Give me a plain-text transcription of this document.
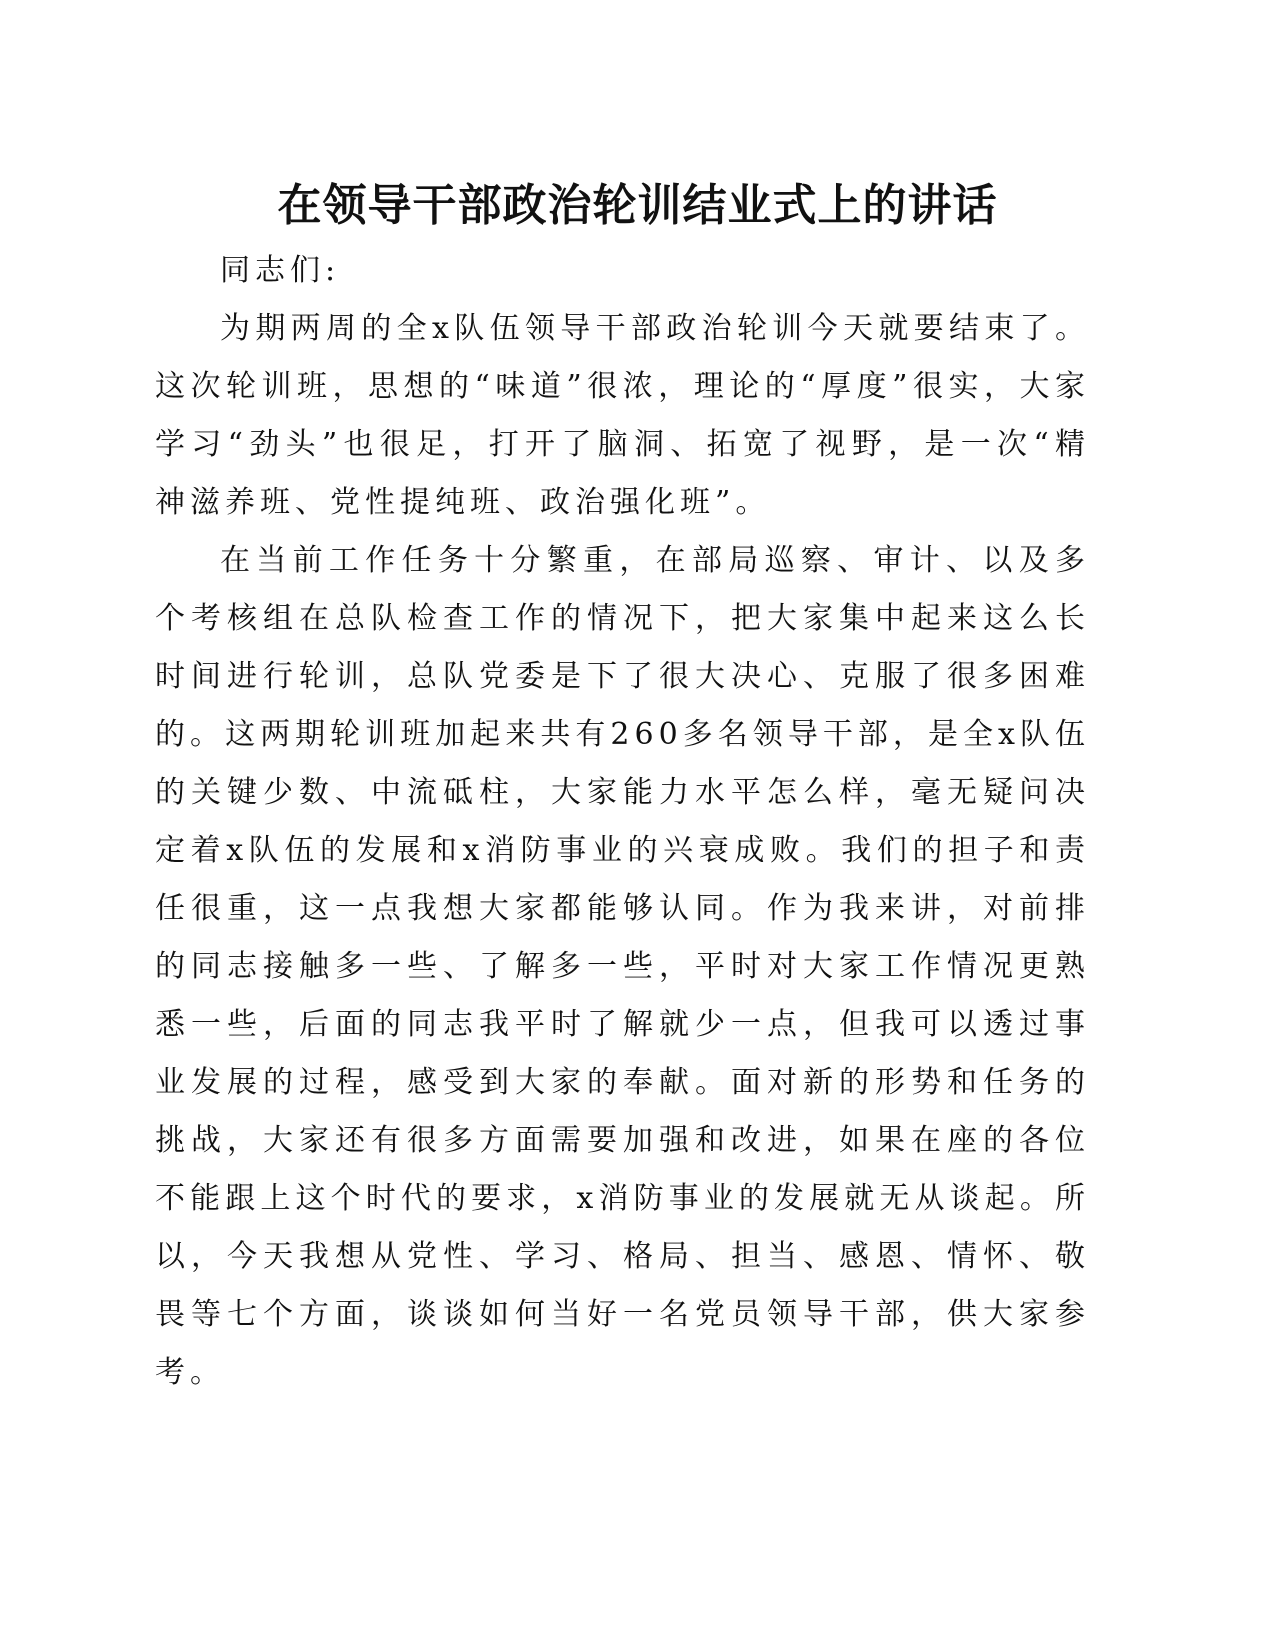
在领导干部政治轮训结业式上的讲话

同志们:

为期两周的全x队伍领导干部政治轮训今天就要结束了。这次轮训班，思想的“味道”很浓，理论的“厚度”很实，大家学习“劲头”也很足，打开了脑洞、拓宽了视野，是一次“精神滋养班、党性提纯班、政治强化班”。

在当前工作任务十分繁重，在部局巡察、审计、以及多个考核组在总队检查工作的情况下，把大家集中起来这么长时间进行轮训，总队党委是下了很大决心、克服了很多困难的。这两期轮训班加起来共有260多名领导干部，是全x队伍的关键少数、中流砥柱，大家能力水平怎么样，毫无疑问决定着x队伍的发展和x消防事业的兴衰成败。我们的担子和责任很重，这一点我想大家都能够认同。作为我来讲，对前排的同志接触多一些、了解多一些，平时对大家工作情况更熟悉一些，后面的同志我平时了解就少一点，但我可以透过事业发展的过程，感受到大家的奉献。面对新的形势和任务的挑战，大家还有很多方面需要加强和改进，如果在座的各位不能跟上这个时代的要求，x消防事业的发展就无从谈起。所以，今天我想从党性、学习、格局、担当、感恩、情怀、敬畏等七个方面，谈谈如何当好一名党员领导干部，供大家参考。
